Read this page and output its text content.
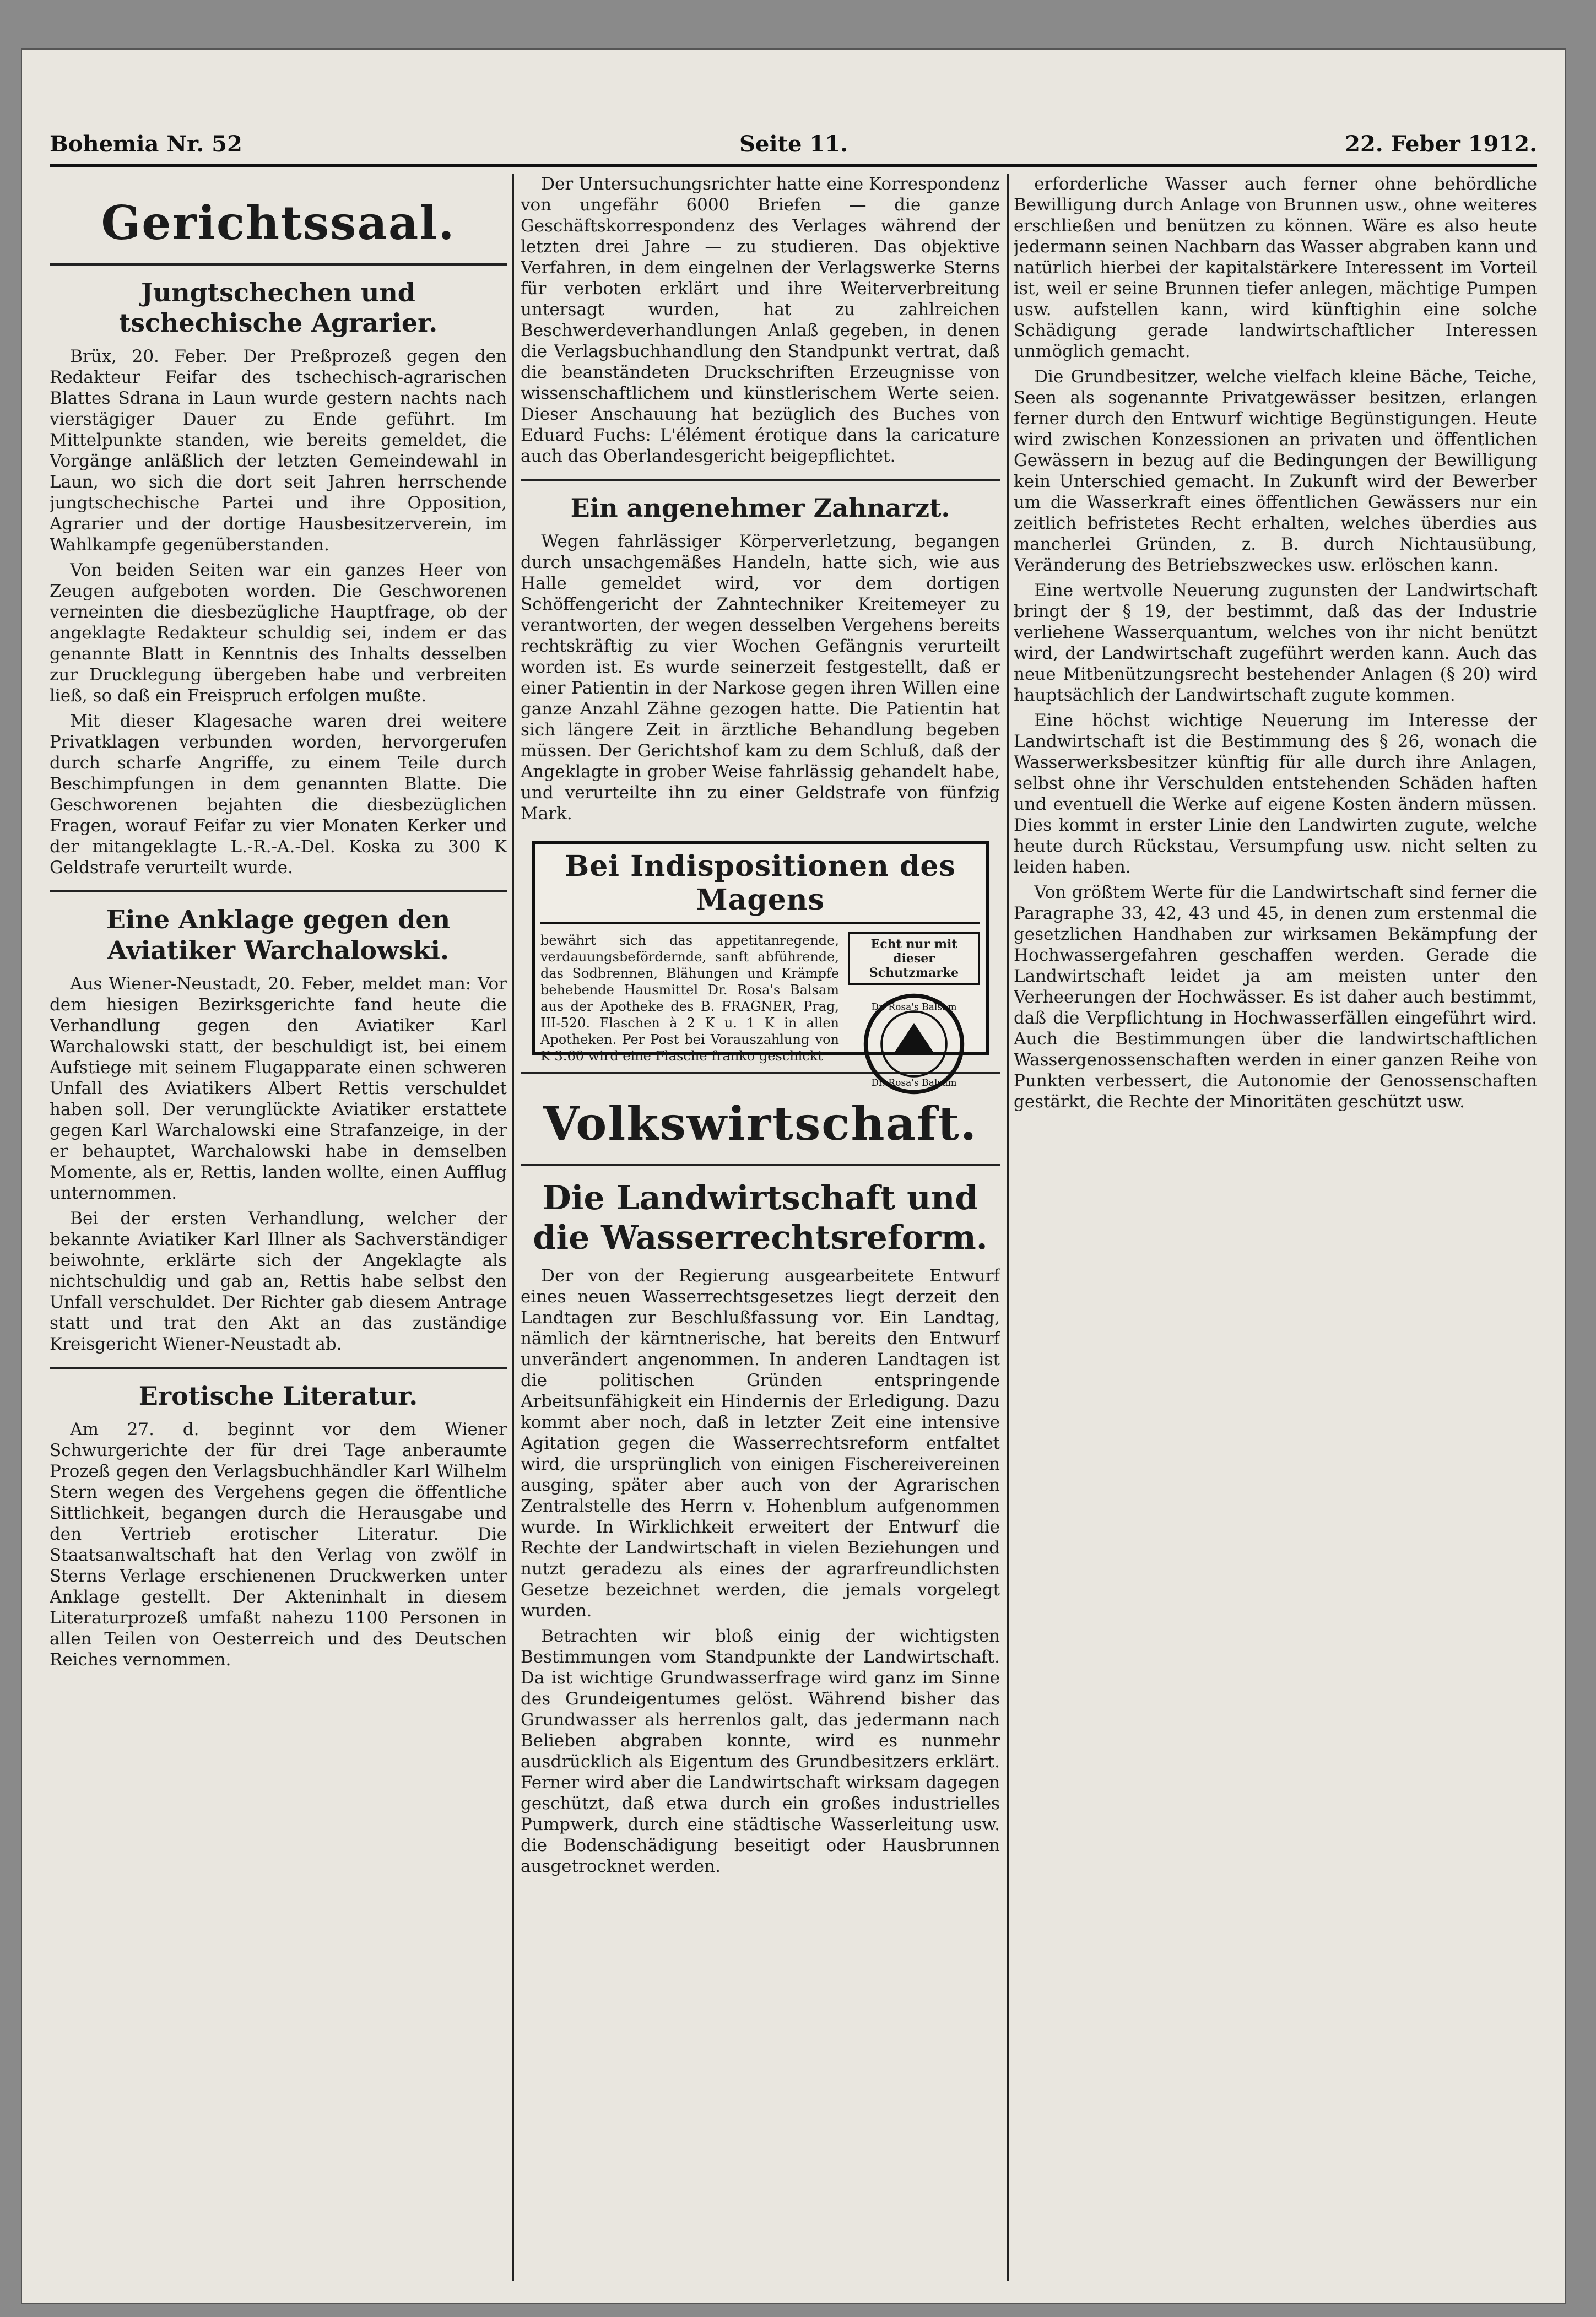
Bohemia Nr. 52	Seite 11.	22. Feber 1912.
Gerichtssaal.
Jungtschechen und tschechische Agrarier.

Brüx, 20. Feber. Der Preßprozeß gegen den Redakteur Feifar des tschechisch-agrarischen Blattes Sdrana in Laun wurde gestern nachts nach vierstägiger Dauer zu Ende geführt. Im Mittelpunkte standen, wie bereits gemeldet, die Vorgänge anläßlich der letzten Gemeindewahl in Laun, wo sich die dort seit Jahren herrschende jungtschechische Partei und ihre Opposition, Agrarier und der dortige Hausbesitzerverein, im Wahlkampfe gegenüberstanden.

Von beiden Seiten war ein ganzes Heer von Zeugen aufgeboten worden. Die Geschworenen verneinten die diesbezügliche Hauptfrage, ob der angeklagte Redakteur schuldig sei, indem er das genannte Blatt in Kenntnis des Inhalts desselben zur Drucklegung übergeben habe und verbreiten ließ, so daß ein Freispruch erfolgen mußte.

Mit dieser Klagesache waren drei weitere Privatklagen verbunden worden, hervorgerufen durch scharfe Angriffe, zu einem Teile durch Beschimpfungen in dem genannten Blatte. Die Geschworenen bejahten die diesbezüglichen Fragen, worauf Feifar zu vier Monaten Kerker und der mitangeklagte L.-R.-A.-Del. Koska zu 300 K Geldstrafe verurteilt wurde.

Eine Anklage gegen den Aviatiker Warchalowski.

Aus Wiener-Neustadt, 20. Feber, meldet man: Vor dem hiesigen Bezirksgerichte fand heute die Verhandlung gegen den Aviatiker Karl Warchalowski statt, der beschuldigt ist, bei einem Aufstiege mit seinem Flugapparate einen schweren Unfall des Aviatikers Albert Rettis verschuldet haben soll. Der verunglückte Aviatiker erstattete gegen Karl Warchalowski eine Strafanzeige, in der er behauptet, Warchalowski habe in demselben Momente, als er, Rettis, landen wollte, einen Aufflug unternommen.

Bei der ersten Verhandlung, welcher der bekannte Aviatiker Karl Illner als Sachverständiger beiwohnte, erklärte sich der Angeklagte als nichtschuldig und gab an, Rettis habe selbst den Unfall verschuldet. Der Richter gab diesem Antrage statt und trat den Akt an das zuständige Kreisgericht Wiener-Neustadt ab.

Erotische Literatur.

Am 27. d. beginnt vor dem Wiener Schwurgerichte der für drei Tage anberaumte Prozeß gegen den Verlagsbuchhändler Karl Wilhelm Stern wegen des Vergehens gegen die öffentliche Sittlichkeit, begangen durch die Herausgabe und den Vertrieb erotischer Literatur. Die Staatsanwaltschaft hat den Verlag von zwölf in Sterns Verlage erschienenen Druckwerken unter Anklage gestellt. Der Akteninhalt in diesem Literaturprozeß umfaßt nahezu 1100 Personen in allen Teilen von Oesterreich und des Deutschen Reiches vernommen.

Der Untersuchungsrichter hatte eine Korrespondenz von ungefähr 6000 Briefen — die ganze Geschäftskorrespondenz des Verlages während der letzten drei Jahre — zu studieren. Das objektive Verfahren, in dem eingelnen der Verlagswerke Sterns für verboten erklärt und ihre Weiterverbreitung untersagt wurden, hat zu zahlreichen Beschwerdeverhandlungen Anlaß gegeben, in denen die Verlagsbuchhandlung den Standpunkt vertrat, daß die beanständeten Druckschriften Erzeugnisse von wissenschaftlichem und künstlerischem Werte seien. Dieser Anschauung hat bezüglich des Buches von Eduard Fuchs: L'élément érotique dans la caricature auch das Oberlandesgericht beigepflichtet.

Ein angenehmer Zahnarzt.

Wegen fahrlässiger Körperverletzung, begangen durch unsachgemäßes Handeln, hatte sich, wie aus Halle gemeldet wird, vor dem dortigen Schöffengericht der Zahntechniker Kreitemeyer zu verantworten, der wegen desselben Vergehens bereits rechtskräftig zu vier Wochen Gefängnis verurteilt worden ist. Es wurde seinerzeit festgestellt, daß er einer Patientin in der Narkose gegen ihren Willen eine ganze Anzahl Zähne gezogen hatte. Die Patientin hat sich längere Zeit in ärztliche Behandlung begeben müssen. Der Gerichtshof kam zu dem Schluß, daß der Angeklagte in grober Weise fahrlässig gehandelt habe, und verurteilte ihn zu einer Geldstrafe von fünfzig Mark.

Bei Indispositionen des Magens

bewährt sich das appetitanregende, verdauungsbefördernde, sanft abführende, das Sodbrennen, Blähungen und Krämpfe behebende Hausmittel Dr. Rosa's Balsam aus der Apotheke des B. FRAGNER, Prag, III-520. Flaschen à 2 K u. 1 K in allen Apotheken. Per Post bei Vorauszahlung von K 3.60 wird eine Flasche franko geschickt

Echt nur mit dieser Schutzmarke
Dr. Rosa's Balsam
Dr. Rosa's Balsam
Volkswirtschaft.
Die Landwirtschaft und die Wasserrechtsreform.

Der von der Regierung ausgearbeitete Entwurf eines neuen Wasserrechtsgesetzes liegt derzeit den Landtagen zur Beschlußfassung vor. Ein Landtag, nämlich der kärntnerische, hat bereits den Entwurf unverändert angenommen. In anderen Landtagen ist die politischen Gründen entspringende Arbeitsunfähigkeit ein Hindernis der Erledigung. Dazu kommt aber noch, daß in letzter Zeit eine intensive Agitation gegen die Wasserrechtsreform entfaltet wird, die ursprünglich von einigen Fischereivereinen ausging, später aber auch von der Agrarischen Zentralstelle des Herrn v. Hohenblum aufgenommen wurde. In Wirklichkeit erweitert der Entwurf die Rechte der Landwirtschaft in vielen Beziehungen und nutzt geradezu als eines der agrarfreundlichsten Gesetze bezeichnet werden, die jemals vorgelegt wurden.

Betrachten wir bloß einig der wichtigsten Bestimmungen vom Standpunkte der Landwirtschaft. Da ist wichtige Grundwasserfrage wird ganz im Sinne des Grundeigentumes gelöst. Während bisher das Grundwasser als herrenlos galt, das jedermann nach Belieben abgraben konnte, wird es nunmehr ausdrücklich als Eigentum des Grundbesitzers erklärt. Ferner wird aber die Landwirtschaft wirksam dagegen geschützt, daß etwa durch ein großes industrielles Pumpwerk, durch eine städtische Wasserleitung usw. die Bodenschädigung beseitigt oder Hausbrunnen ausgetrocknet werden.

erforderliche Wasser auch ferner ohne behördliche Bewilligung durch Anlage von Brunnen usw., ohne weiteres erschließen und benützen zu können. Wäre es also heute jedermann seinen Nachbarn das Wasser abgraben kann und natürlich hierbei der kapitalstärkere Interessent im Vorteil ist, weil er seine Brunnen tiefer anlegen, mächtige Pumpen usw. aufstellen kann, wird künftighin eine solche Schädigung gerade landwirtschaftlicher Interessen unmöglich gemacht.

Die Grundbesitzer, welche vielfach kleine Bäche, Teiche, Seen als sogenannte Privatgewässer besitzen, erlangen ferner durch den Entwurf wichtige Begünstigungen. Heute wird zwischen Konzessionen an privaten und öffentlichen Gewässern in bezug auf die Bedingungen der Bewilligung kein Unterschied gemacht. In Zukunft wird der Bewerber um die Wasserkraft eines öffentlichen Gewässers nur ein zeitlich befristetes Recht erhalten, welches überdies aus mancherlei Gründen, z. B. durch Nichtausübung, Veränderung des Betriebszweckes usw. erlöschen kann.

Eine wertvolle Neuerung zugunsten der Landwirtschaft bringt der § 19, der bestimmt, daß das der Industrie verliehene Wasserquantum, welches von ihr nicht benützt wird, der Landwirtschaft zugeführt werden kann. Auch das neue Mitbenützungsrecht bestehender Anlagen (§ 20) wird hauptsächlich der Landwirtschaft zugute kommen.

Eine höchst wichtige Neuerung im Interesse der Landwirtschaft ist die Bestimmung des § 26, wonach die Wasserwerksbesitzer künftig für alle durch ihre Anlagen, selbst ohne ihr Verschulden entstehenden Schäden haften und eventuell die Werke auf eigene Kosten ändern müssen. Dies kommt in erster Linie den Landwirten zugute, welche heute durch Rückstau, Versumpfung usw. nicht selten zu leiden haben.

Von größtem Werte für die Landwirtschaft sind ferner die Paragraphe 33, 42, 43 und 45, in denen zum erstenmal die gesetzlichen Handhaben zur wirksamen Bekämpfung der Hochwassergefahren geschaffen werden. Gerade die Landwirtschaft leidet ja am meisten unter den Verheerungen der Hochwässer. Es ist daher auch bestimmt, daß die Verpflichtung in Hochwasserfällen eingeführt wird. Auch die Bestimmungen über die landwirtschaftlichen Wassergenossenschaften werden in einer ganzen Reihe von Punkten verbessert, die Autonomie der Genossenschaften gestärkt, die Rechte der Minoritäten geschützt usw.
